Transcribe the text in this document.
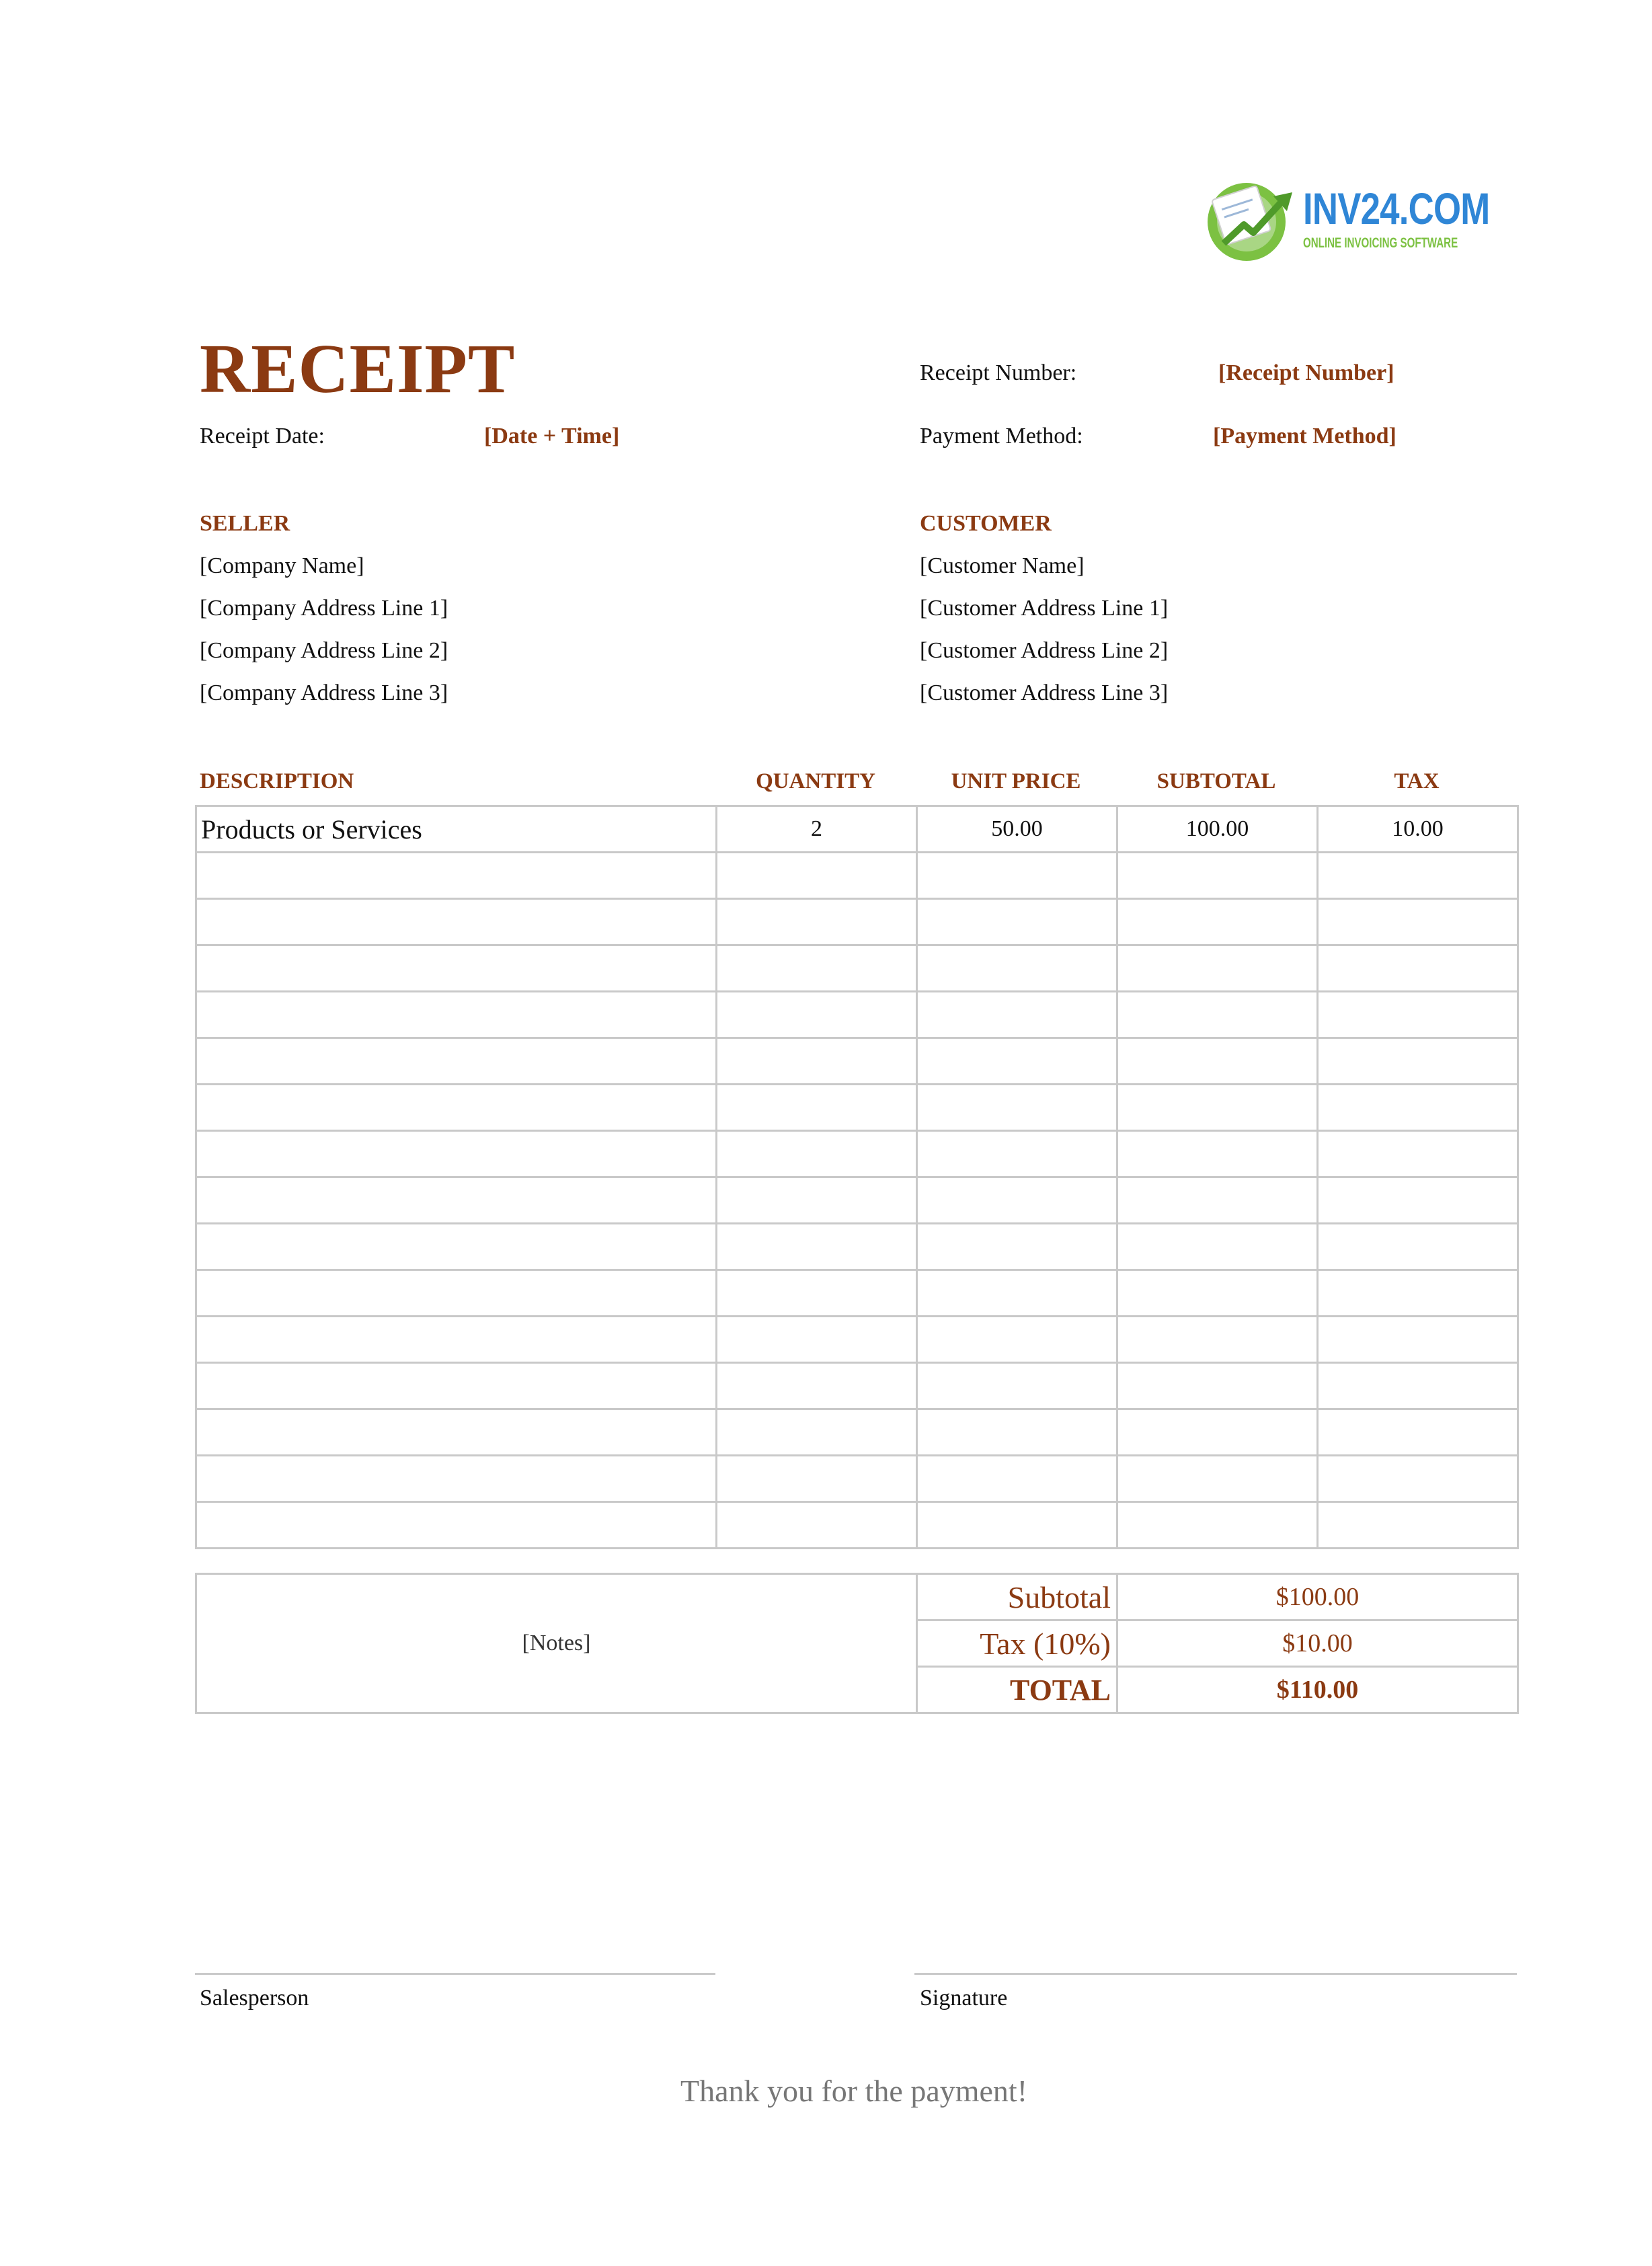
INV24.COM
ONLINE INVOICING SOFTWARE
RECEIPT
Receipt Date:	[Date + Time]
Receipt Number:	[Receipt Number]
Payment Method:	[Payment Method]
SELLER
[Company Name]
[Company Address Line 1]
[Company Address Line 2]
[Company Address Line 3]
CUSTOMER
[Customer Name]
[Customer Address Line 1]
[Customer Address Line 2]
[Customer Address Line 3]
DESCRIPTION	QUANTITY	UNIT PRICE	SUBTOTAL	TAX
Products or Services	2	50.00	100.00	10.00

[Notes]	Subtotal	$100.00
	Tax (10%)	$10.00
	TOTAL	$110.00
Salesperson	Signature
Thank you for the payment!
